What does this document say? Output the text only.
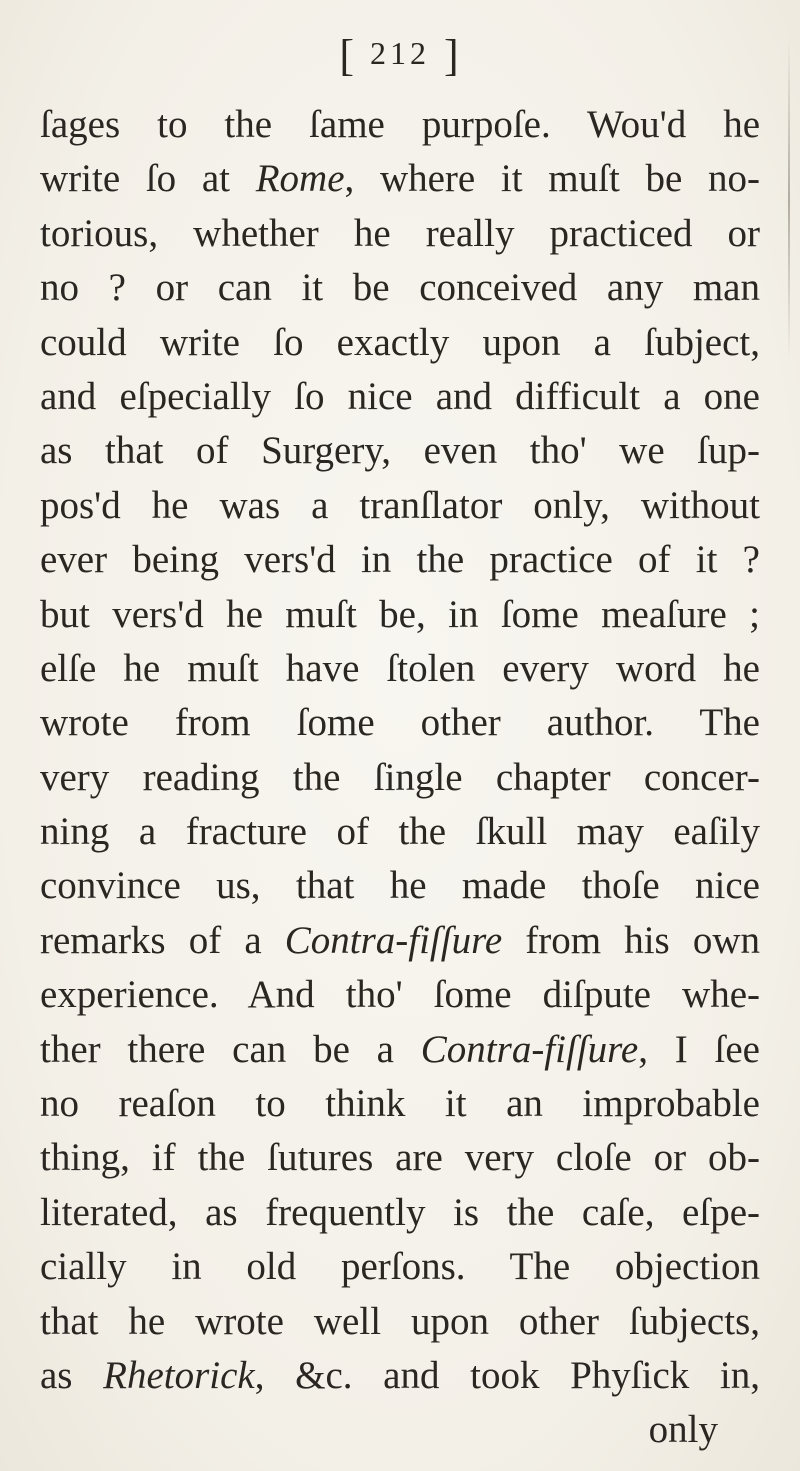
[ 212 ]
ſages to the ſame purpoſe. Wou'd he
write ſo at Rome, where it muſt be no-
torious, whether he really practiced or
no ? or can it be conceived any man
could write ſo exactly upon a ſubject,
and eſpecially ſo nice and difficult a one
as that of Surgery, even tho' we ſup-
pos'd he was a tranſlator only, without
ever being vers'd in the practice of it ?
but vers'd he muſt be, in ſome meaſure ;
elſe he muſt have ſtolen every word he
wrote from ſome other author. The
very reading the ſingle chapter concer-
ning a fracture of the ſkull may eaſily
convince us, that he made thoſe nice
remarks of a Contra-fiſſure from his own
experience. And tho' ſome diſpute whe-
ther there can be a Contra-fiſſure, I ſee
no reaſon to think it an improbable
thing, if the ſutures are very cloſe or ob-
literated, as frequently is the caſe, eſpe-
cially in old perſons. The objection
that he wrote well upon other ſubjects,
as Rhetorick, &c. and took Phyſick in,
only
